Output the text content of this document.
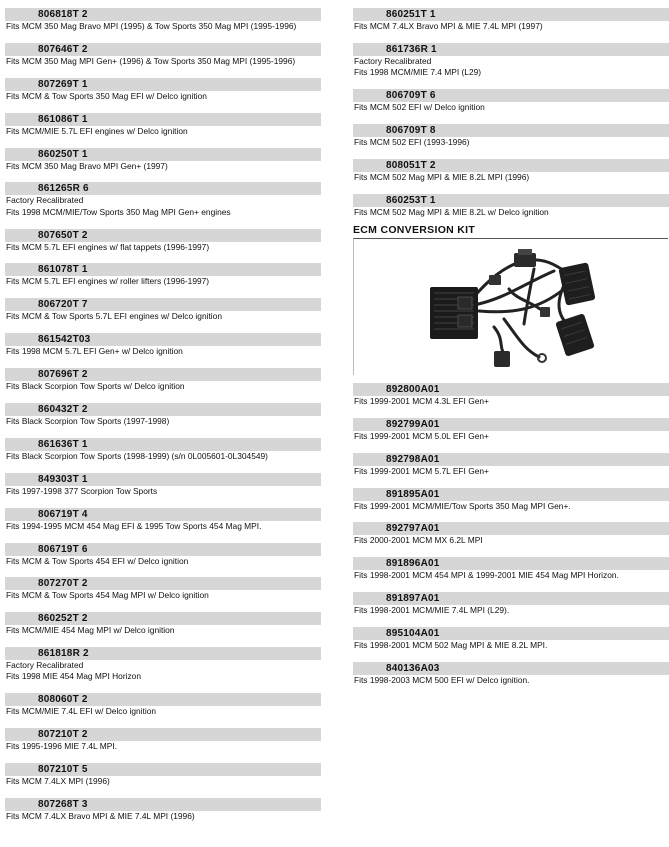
806818T 2
Fits MCM 350 Mag Bravo MPI (1995) & Tow Sports 350 Mag MPI (1995-1996)
807646T 2
Fits MCM 350 Mag MPI Gen+ (1996) & Tow Sports 350 Mag MPI (1995-1996)
807269T 1
Fits MCM & Tow Sports 350 Mag EFI w/ Delco ignition
861086T 1
Fits MCM/MIE 5.7L EFI engines w/ Delco ignition
860250T 1
Fits MCM 350 Mag Bravo MPI Gen+ (1997)
861265R 6
Factory Recalibrated
Fits 1998 MCM/MIE/Tow Sports 350 Mag MPI Gen+ engines
807650T 2
Fits MCM 5.7L EFI engines w/ flat tappets (1996-1997)
861078T 1
Fits MCM 5.7L EFI engines w/ roller lifters (1996-1997)
806720T 7
Fits MCM & Tow Sports 5.7L EFI engines w/ Delco ignition
861542T03
Fits 1998 MCM 5.7L EFI Gen+ w/ Delco ignition
807696T 2
Fits Black Scorpion Tow Sports w/ Delco ignition
860432T 2
Fits Black Scorpion Tow Sports (1997-1998)
861636T 1
Fits Black Scorpion Tow Sports (1998-1999) (s/n 0L005601-0L304549)
849303T 1
Fits 1997-1998 377 Scorpion Tow Sports
806719T 4
Fits 1994-1995 MCM 454 Mag EFI & 1995 Tow Sports 454 Mag MPI.
806719T 6
Fits MCM & Tow Sports 454 EFI w/ Delco ignition
807270T 2
Fits MCM & Tow Sports 454 Mag MPI w/ Delco ignition
860252T 2
Fits MCM/MIE 454 Mag MPI w/ Delco ignition
861818R 2
Factory Recalibrated
Fits 1998 MIE 454 Mag MPI Horizon
808060T 2
Fits MCM/MIE 7.4L EFI w/ Delco ignition
807210T 2
Fits 1995-1996 MIE 7.4L MPI.
807210T 5
Fits MCM 7.4LX MPI (1996)
807268T 3
Fits MCM 7.4LX Bravo MPI & MIE 7.4L MPI (1996)
860251T 1
Fits MCM 7.4LX Bravo MPI & MIE 7.4L MPI (1997)
861736R 1
Factory Recalibrated
Fits 1998 MCM/MIE 7.4 MPI (L29)
806709T 6
Fits MCM 502 EFI w/ Delco ignition
806709T 8
Fits MCM 502 EFI (1993-1996)
808051T 2
Fits MCM 502 Mag MPI & MIE 8.2L MPI (1996)
860253T 1
Fits MCM 502 Mag MPI & MIE 8.2L w/ Delco ignition
ECM CONVERSION KIT
892800A01
Fits 1999-2001 MCM 4.3L EFI Gen+
892799A01
Fits 1999-2001 MCM 5.0L EFI Gen+
892798A01
Fits 1999-2001 MCM 5.7L EFI Gen+
891895A01
Fits 1999-2001 MCM/MIE/Tow Sports 350 Mag MPI Gen+.
892797A01
Fits 2000-2001 MCM MX 6.2L MPI
891896A01
Fits 1998-2001 MCM 454 MPI & 1999-2001 MIE 454 Mag MPI Horizon.
891897A01
Fits 1998-2001 MCM/MIE 7.4L MPI (L29).
895104A01
Fits 1998-2001 MCM 502 Mag MPI & MIE 8.2L MPI.
840136A03
Fits 1998-2003 MCM 500 EFI w/ Delco ignition.
